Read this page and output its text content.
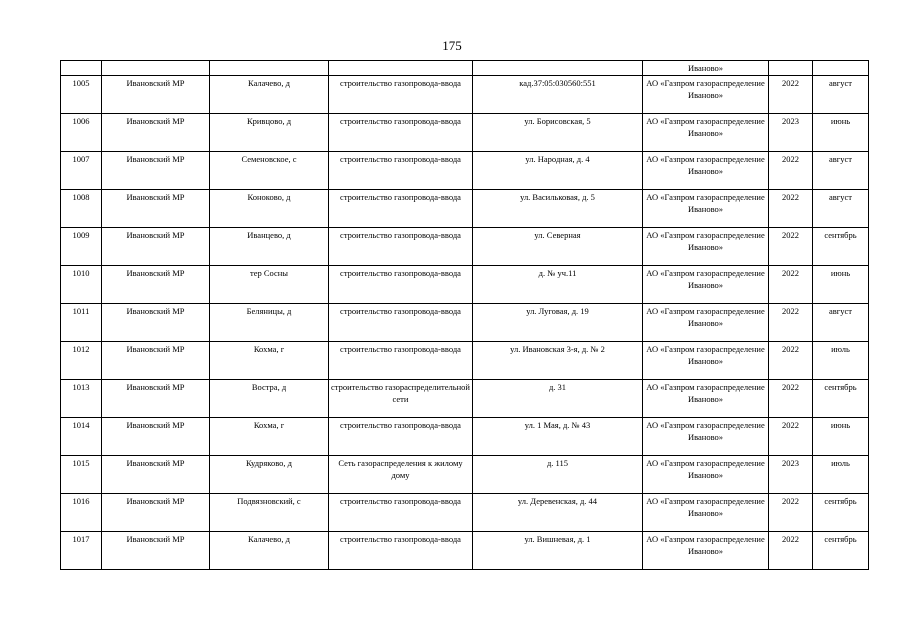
175
					Иваново»		
1005	Ивановский МР	Калачево, д	строительство газопровода-ввода	кад.37:05:030560:551	АО «Газпром газораспределение Иваново»	2022	август
1006	Ивановский МР	Кривцово, д	строительство газопровода-ввода	ул. Борисовская, 5	АО «Газпром газораспределение Иваново»	2023	июнь
1007	Ивановский МР	Семеновское, с	строительство газопровода-ввода	ул. Народная, д. 4	АО «Газпром газораспределение Иваново»	2022	август
1008	Ивановский МР	Коноково, д	строительство газопровода-ввода	ул. Васильковая, д. 5	АО «Газпром газораспределение Иваново»	2022	август
1009	Ивановский МР	Иванцево, д	строительство газопровода-ввода	ул. Северная	АО «Газпром газораспределение Иваново»	2022	сентябрь
1010	Ивановский МР	тер Сосны	строительство газопровода-ввода	д. № уч.11	АО «Газпром газораспределение Иваново»	2022	июнь
1011	Ивановский МР	Беляницы, д	строительство газопровода-ввода	ул. Луговая, д. 19	АО «Газпром газораспределение Иваново»	2022	август
1012	Ивановский МР	Кохма, г	строительство газопровода-ввода	ул. Ивановская 3-я, д. № 2	АО «Газпром газораспределение Иваново»	2022	июль
1013	Ивановский МР	Востра, д	строительство газораспределительной сети	д. 31	АО «Газпром газораспределение Иваново»	2022	сентябрь
1014	Ивановский МР	Кохма, г	строительство газопровода-ввода	ул. 1 Мая, д. № 43	АО «Газпром газораспределение Иваново»	2022	июнь
1015	Ивановский МР	Кудряково, д	Сеть газораспределения к жилому дому	д. 115	АО «Газпром газораспределение Иваново»	2023	июль
1016	Ивановский МР	Подвязновский, с	строительство газопровода-ввода	ул. Деревенская, д. 44	АО «Газпром газораспределение Иваново»	2022	сентябрь
1017	Ивановский МР	Калачево, д	строительство газопровода-ввода	ул. Вишневая, д. 1	АО «Газпром газораспределение Иваново»	2022	сентябрь
